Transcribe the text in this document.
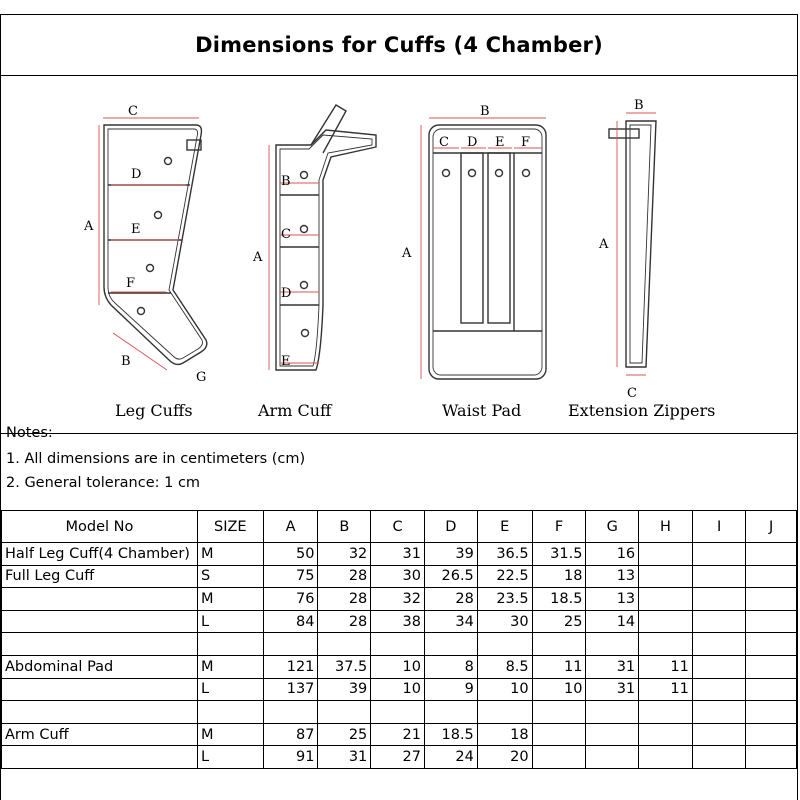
Dimensions for Cuffs (4 Chamber)
C
A
D
E
F
B
G
B
C
D
E
A
B
A
C D E F
B
A
C
Leg Cuffs	Arm Cuff	Waist Pad	Extension Zippers
Notes:
1. All dimensions are in centimeters (cm)
2. General tolerance: 1 cm
Model No	SIZE	A	B	C	D	E	F	G	H	I	J
Half Leg Cuff(4 Chamber)	M	50	32	31	39	36.5	31.5	16			
Full Leg Cuff	S	75	28	30	26.5	22.5	18	13			
	M	76	28	32	28	23.5	18.5	13			
	L	84	28	38	34	30	25	14			

Abdominal Pad	M	121	37.5	10	8	8.5	11	31	11		
	L	137	39	10	9	10	10	31	11		

Arm Cuff	M	87	25	21	18.5	18					
	L	91	31	27	24	20					
